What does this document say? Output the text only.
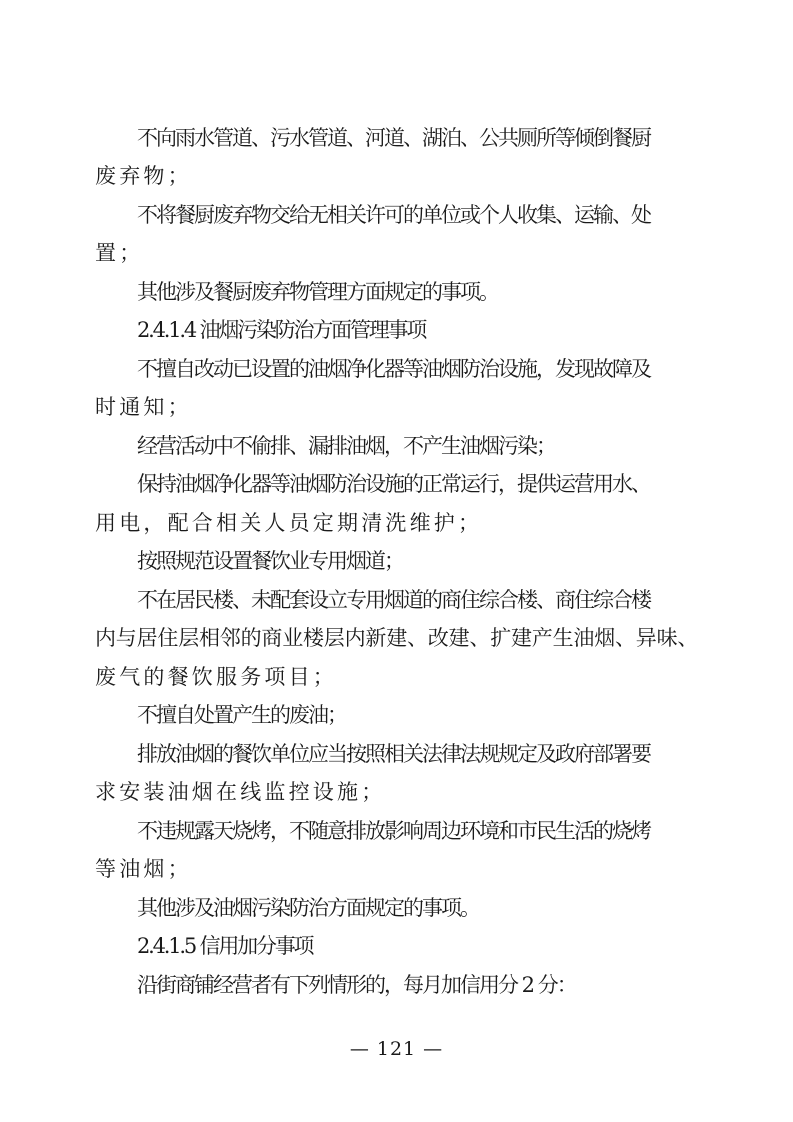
不向雨水管道、污水管道、河道、湖泊、公共厕所等倾倒餐厨
废弃物；
不将餐厨废弃物交给无相关许可的单位或个人收集、运输、处
置；
其他涉及餐厨废弃物管理方面规定的事项。
2.4.1.4 油烟污染防治方面管理事项
不擅自改动已设置的油烟净化器等油烟防治设施，发现故障及
时通知；
经营活动中不偷排、漏排油烟，不产生油烟污染；
保持油烟净化器等油烟防治设施的正常运行，提供运营用水、
用电，配合相关人员定期清洗维护；
按照规范设置餐饮业专用烟道；
不在居民楼、未配套设立专用烟道的商住综合楼、商住综合楼
内与居住层相邻的商业楼层内新建、改建、扩建产生油烟、异味、
废气的餐饮服务项目；
不擅自处置产生的废油；
排放油烟的餐饮单位应当按照相关法律法规规定及政府部署要
求安装油烟在线监控设施；
不违规露天烧烤，不随意排放影响周边环境和市民生活的烧烤
等油烟；
其他涉及油烟污染防治方面规定的事项。
2.4.1.5 信用加分事项
沿街商铺经营者有下列情形的，每月加信用分 2 分：
— 121 —
